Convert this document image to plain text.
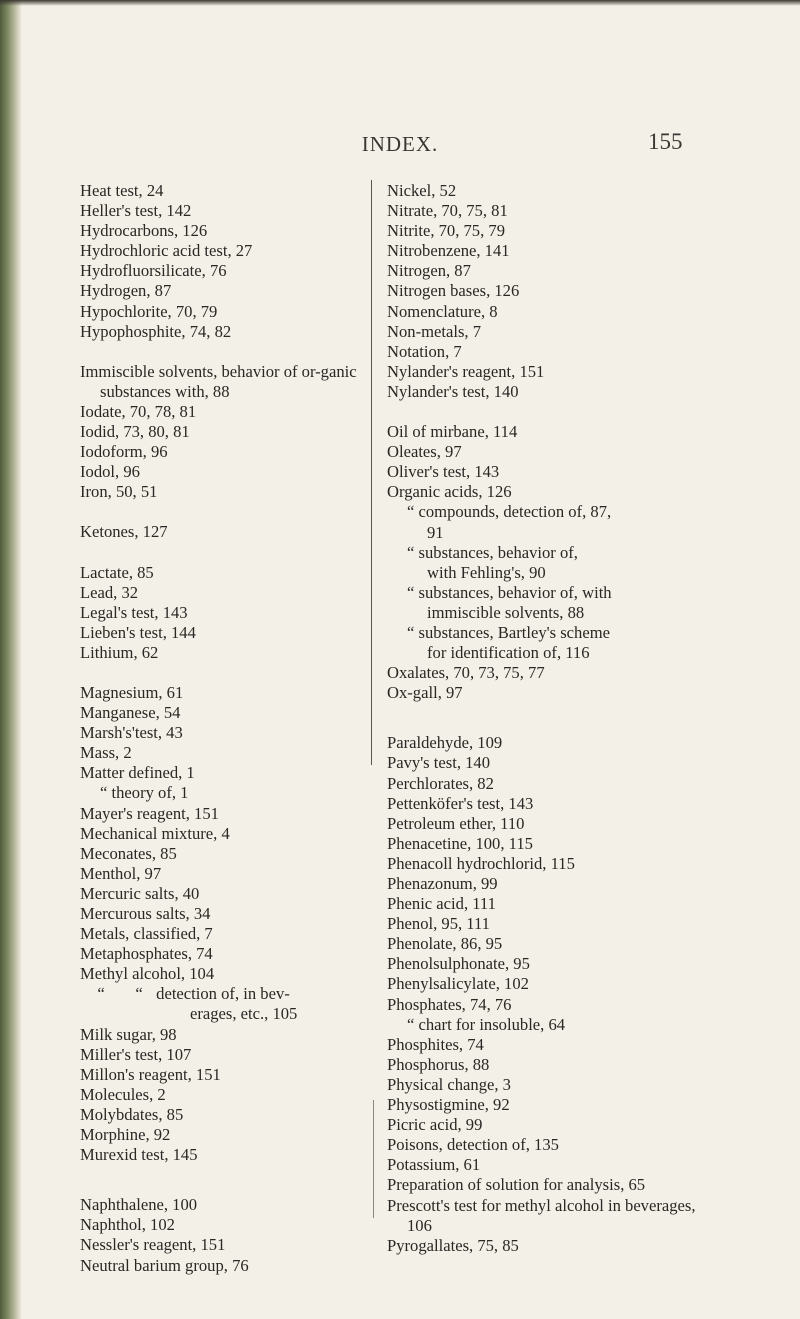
INDEX.	155
Heat test, 24
Heller's test, 142
Hydrocarbons, 126
Hydrochloric acid test, 27
Hydrofluorsilicate, 76
Hydrogen, 87
Hypochlorite, 70, 79
Hypophosphite, 74, 82
Immiscible solvents, behavior of or-ganic substances with, 88
Iodate, 70, 78, 81
Iodid, 73, 80, 81
Iodoform, 96
Iodol, 96
Iron, 50, 51
Ketones, 127
Lactate, 85
Lead, 32
Legal's test, 143
Lieben's test, 144
Lithium, 62
Magnesium, 61
Manganese, 54
Marsh's'test, 43
Mass, 2
Matter defined, 1
“ theory of, 1
Mayer's reagent, 151
Mechanical mixture, 4
Meconates, 85
Menthol, 97
Mercuric salts, 40
Mercurous salts, 34
Metals, classified, 7
Metaphosphates, 74
Methyl alcohol, 104
“ “ detection of, in bev-
erages, etc., 105
Milk sugar, 98
Miller's test, 107
Millon's reagent, 151
Molecules, 2
Molybdates, 85
Morphine, 92
Murexid test, 145
Naphthalene, 100
Naphthol, 102
Nessler's reagent, 151
Neutral barium group, 76
Nickel, 52
Nitrate, 70, 75, 81
Nitrite, 70, 75, 79
Nitrobenzene, 141
Nitrogen, 87
Nitrogen bases, 126
Nomenclature, 8
Non-metals, 7
Notation, 7
Nylander's reagent, 151
Nylander's test, 140
Oil of mirbane, 114
Oleates, 97
Oliver's test, 143
Organic acids, 126
“ compounds, detection of, 87,
91
“ substances, behavior of,
with Fehling's, 90
“ substances, behavior of, with
immiscible solvents, 88
“ substances, Bartley's scheme
for identification of, 116
Oxalates, 70, 73, 75, 77
Ox-gall, 97
Paraldehyde, 109
Pavy's test, 140
Perchlorates, 82
Pettenköfer's test, 143
Petroleum ether, 110
Phenacetine, 100, 115
Phenacoll hydrochlorid, 115
Phenazonum, 99
Phenic acid, 111
Phenol, 95, 111
Phenolate, 86, 95
Phenolsulphonate, 95
Phenylsalicylate, 102
Phosphates, 74, 76
“ chart for insoluble, 64
Phosphites, 74
Phosphorus, 88
Physical change, 3
Physostigmine, 92
Picric acid, 99
Poisons, detection of, 135
Potassium, 61
Preparation of solution for analysis, 65
Prescott's test for methyl alcohol in beverages, 106
Pyrogallates, 75, 85
